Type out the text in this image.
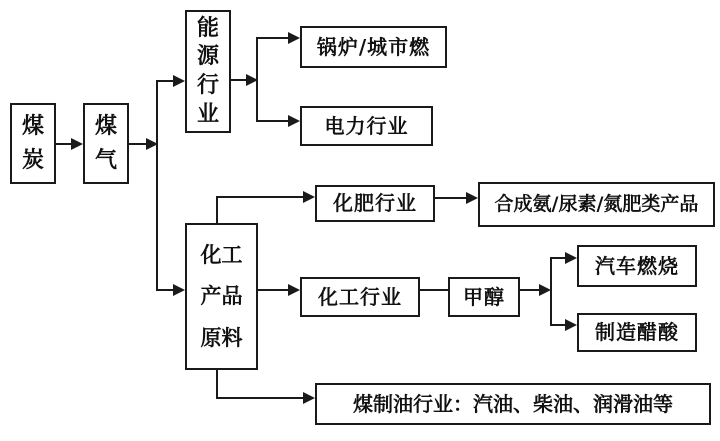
煤
炭
煤
气
能
源
行
业
锅炉/城市燃
电力行业
化肥行业	合成氨/尿素/氮肥类产品
化工
产品
原料
化工行业	甲醇
汽车燃烧
制造醋酸
煤制油行业：汽油、柴油、润滑油等
